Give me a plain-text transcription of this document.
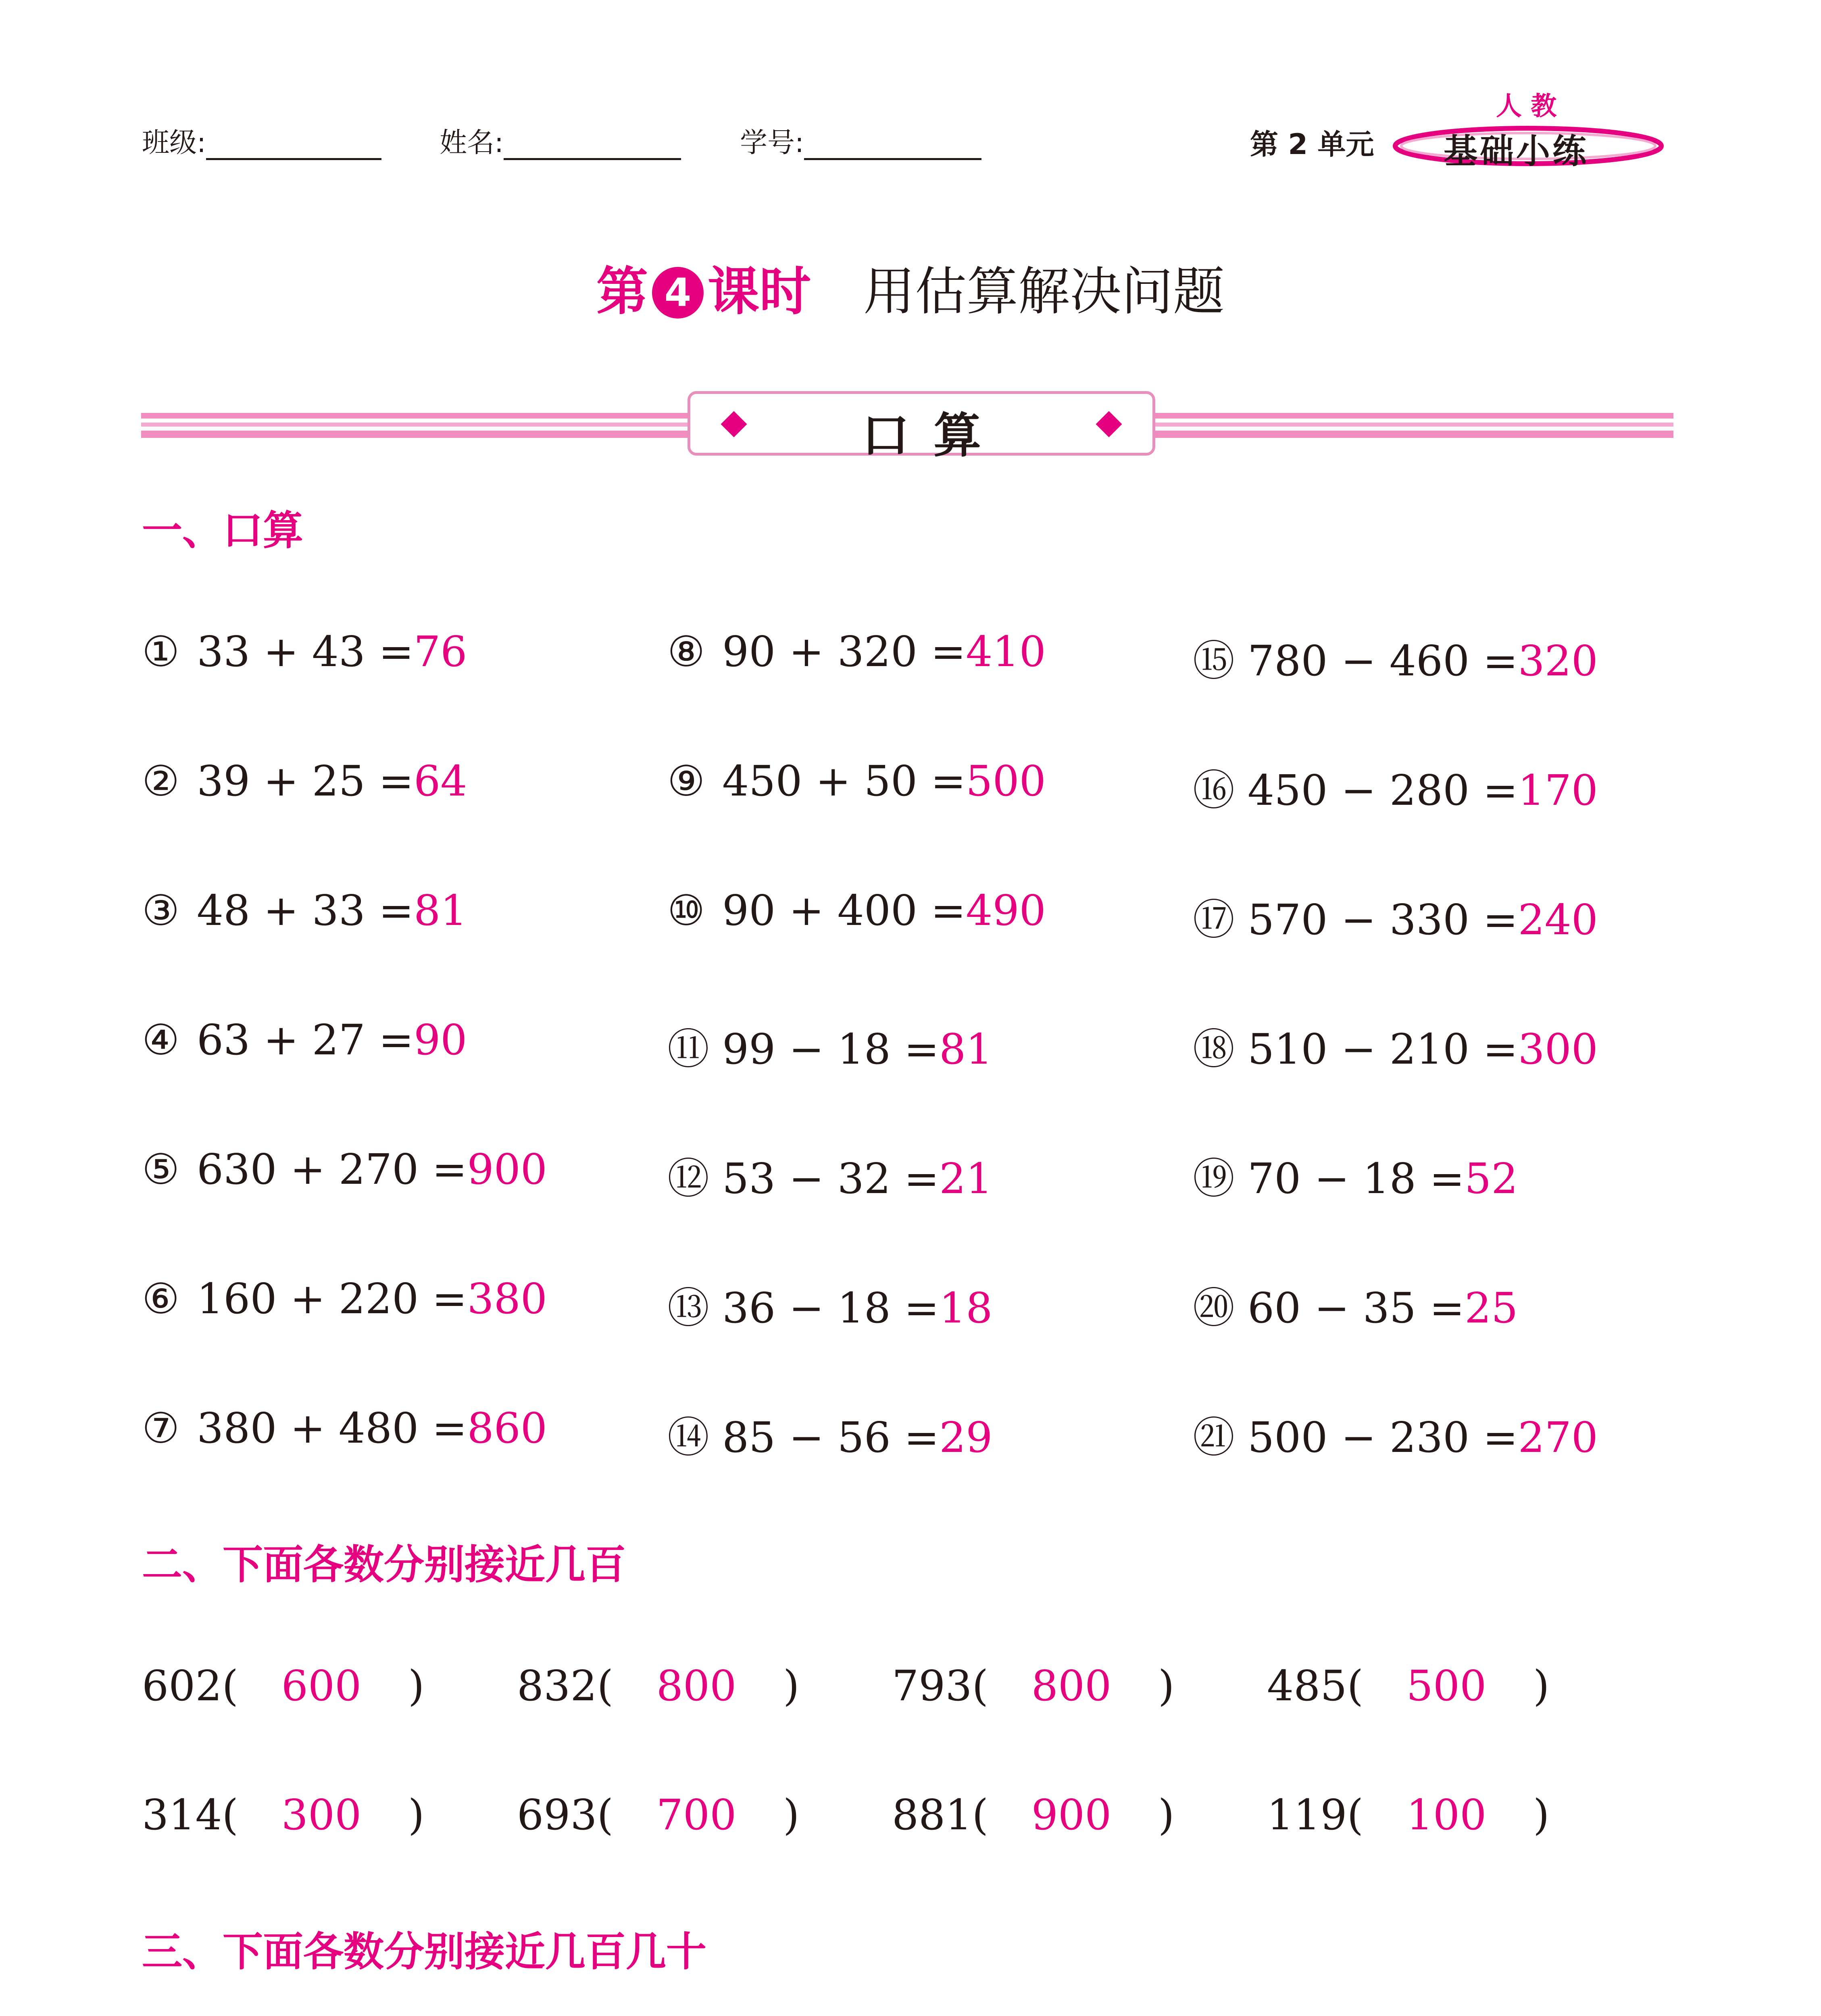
班级:	姓名:	学号:	第 2 单元
人 教
基础小练
第 4 课时 用估算解决问题
口算
一、口算
① 33 + 43 =76
② 39 + 25 =64
③ 48 + 33 =81
④ 63 + 27 =90
⑤ 630 + 270 =900
⑥ 160 + 220 =380
⑦ 380 + 480 =860
⑧ 90 + 320 =410
⑨ 450 + 50 =500
⑩ 90 + 400 =490
⑪ 99 − 18 =81
⑫ 53 − 32 =21
⑬ 36 − 18 =18
⑭ 85 − 56 =29
⑮ 780 − 460 =320
⑯ 450 − 280 =170
⑰ 570 − 330 =240
⑱ 510 − 210 =300
⑲ 70 − 18 =52
⑳ 60 − 35 =25
㉑ 500 − 230 =270
二、下面各数分别接近几百
602( 600 ) 832( 800 ) 793( 800 ) 485( 500 )
314( 300 ) 693( 700 ) 881( 900 ) 119( 100 )
三、下面各数分别接近几百几十
